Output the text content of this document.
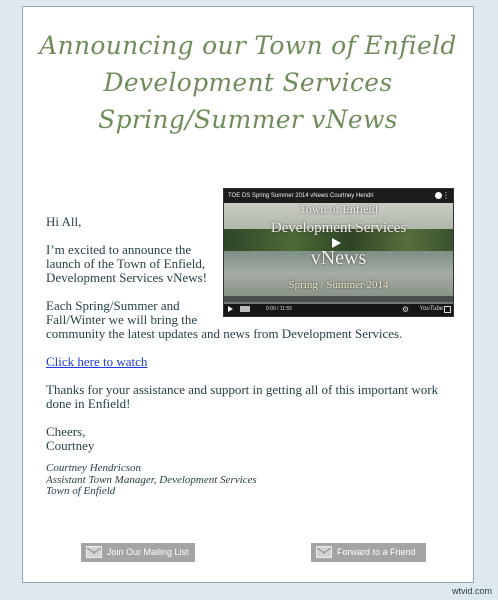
Announcing our Town of Enfield
Development Services
Spring/Summer vNews
TOE DS Spring Summer 2014 vNews Courtney Hendri	⋮
Town of Enfield
Development Services
vNews
Spring / Summer 2014
0:00 / 11:55	⚙ YouTube

Hi All,

I’m excited to announce the

launch of the Town of Enfield,

Development Services vNews!

Each Spring/Summer and

Fall/Winter we will bring the

community the latest updates and news from Development Services.

Click here to watch

Thanks for your assistance and support in getting all of this important work

done in Enfield!

Cheers,

Courtney

Courtney Hendricson
Assistant Town Manager, Development Services
Town of Enfield
Join Our Mailing List	Forward to a Friend
wtvid.com
